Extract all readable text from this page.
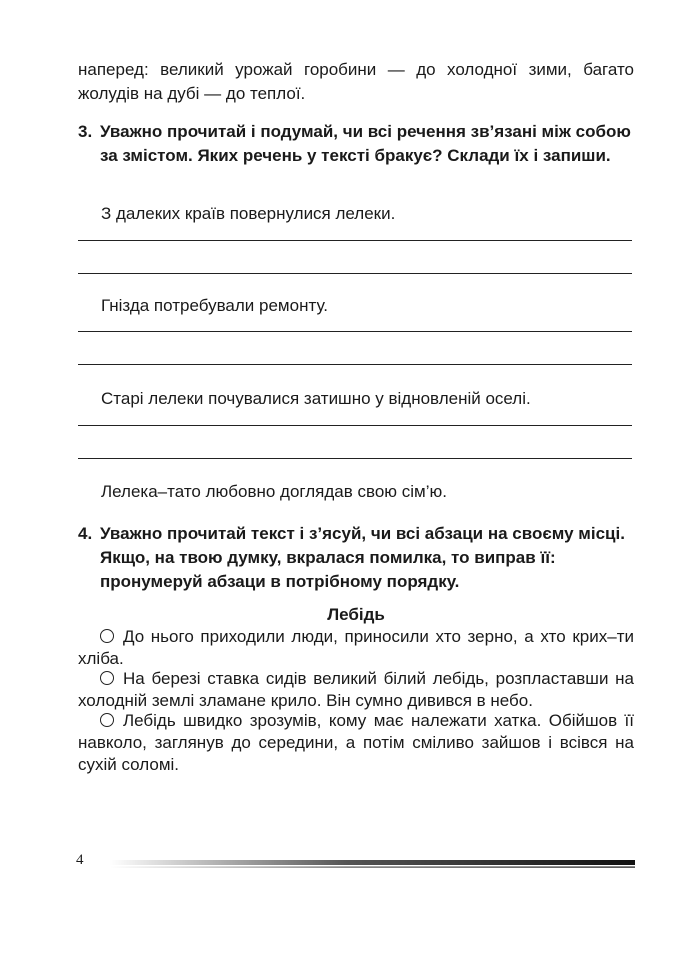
наперед: великий урожай горобини — до холодної зими, багато жолудів на дубі — до теплої.

3. Уважно прочитай і подумай, чи всі речення зв’язані між собою за змістом. Яких речень у тексті бракує? Склади їх і запиши.
З далеких країв повернулися лелеки.
Гнізда потребували ремонту.
Старі лелеки почувалися затишно у відновленій оселі.
Лелека–тато любовно доглядав свою сім’ю.
4. Уважно прочитай текст і з’ясуй, чи всі абзаци на своєму місці. Якщо, на твою думку, вкралася помилка, то виправ її: пронумеруй абзаци в потрібному порядку.
Лебідь

До нього приходили люди, приносили хто зерно, а хто крих–ти хліба.

На березі ставка сидів великий білий лебідь, розпластавши на холодній землі зламане крило. Він сумно дивився в небо.

Лебідь швидко зрозумів, кому має належати хатка. Обійшов її навколо, заглянув до середини, а потім сміливо зайшов і всівся на сухій соломі.

4
